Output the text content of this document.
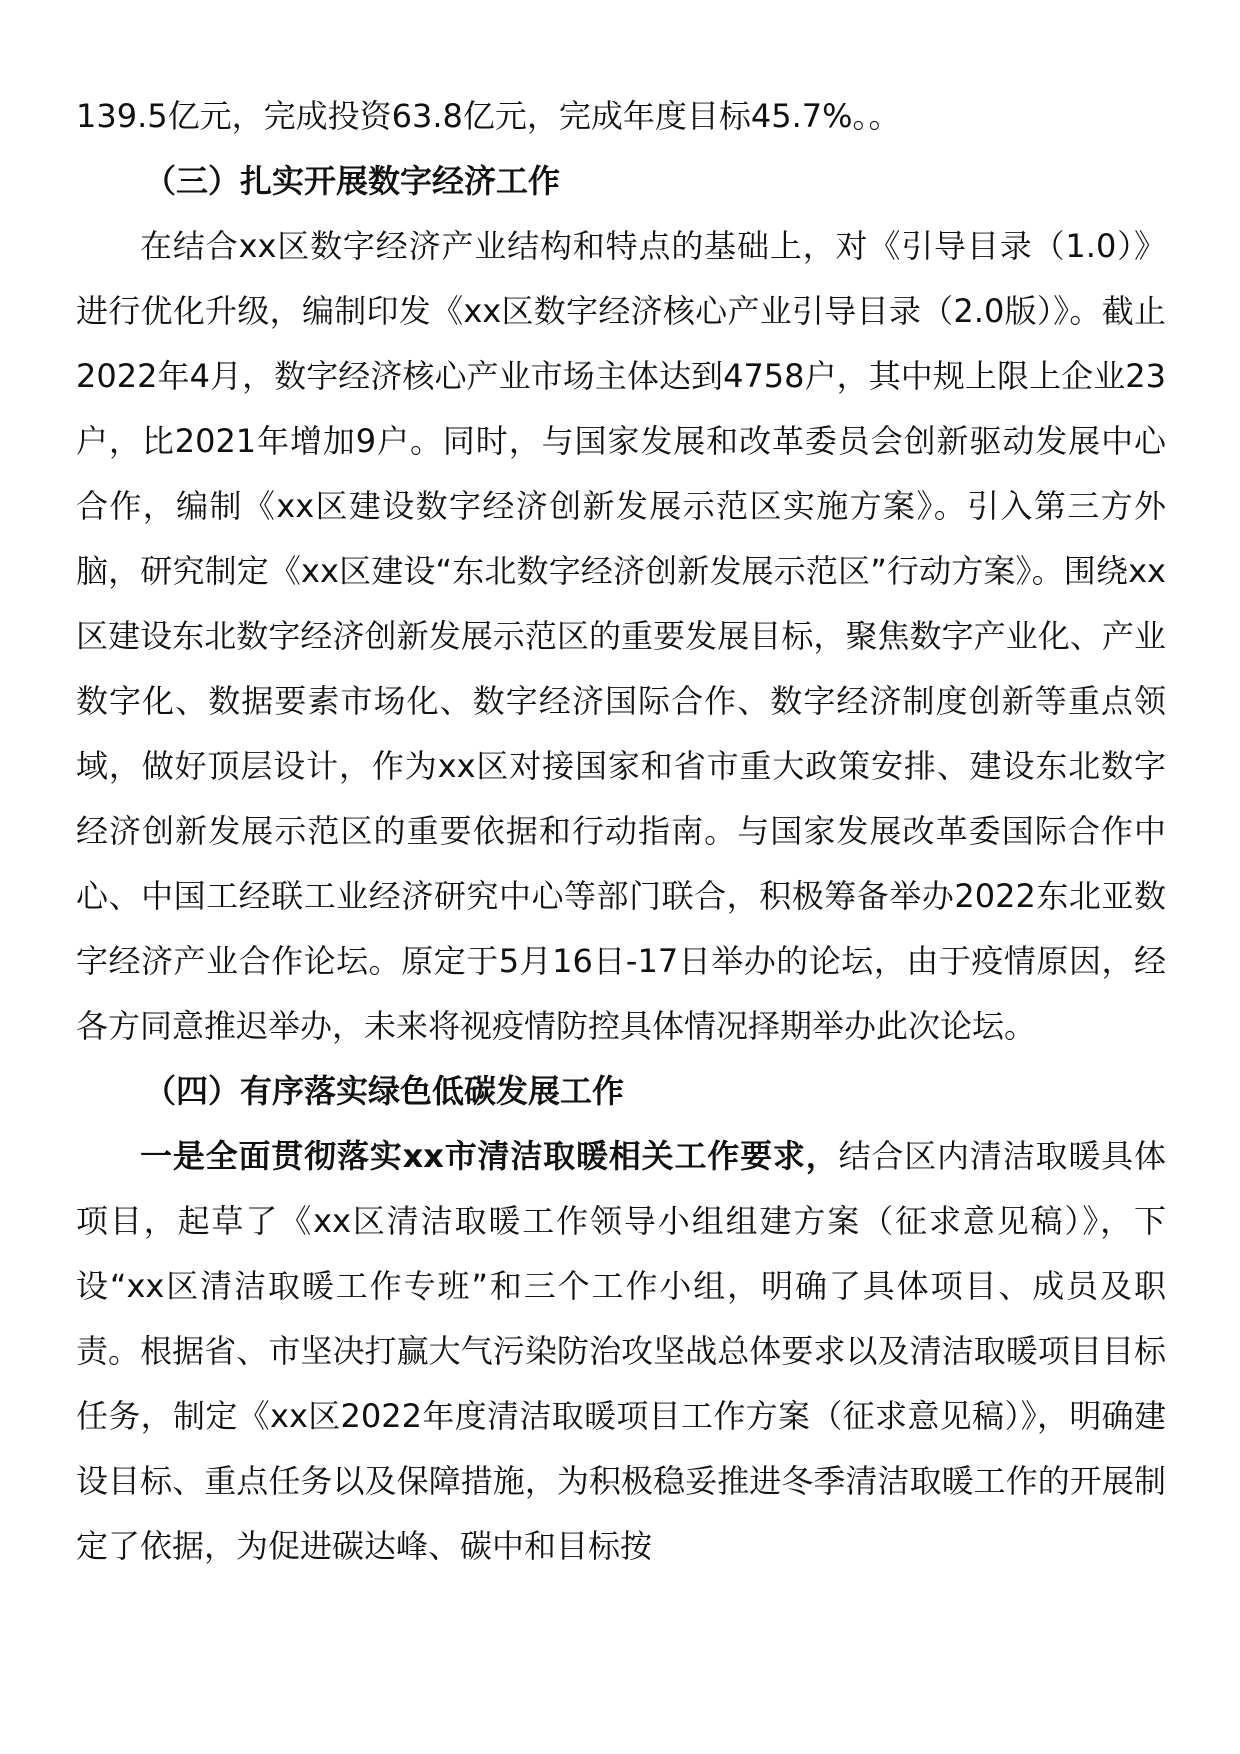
139.5亿元，完成投资63.8亿元，完成年度目标45.7%。。

（三）扎实开展数字经济工作

在结合xx区数字经济产业结构和特点的基础上，对《引导目录（1.0）》进行优化升级，编制印发《xx区数字经济核心产业引导目录（2.0版）》。截止2022年4月，数字经济核心产业市场主体达到4758户，其中规上限上企业23户，比2021年增加9户。同时，与国家发展和改革委员会创新驱动发展中心合作，编制《xx区建设数字经济创新发展示范区实施方案》。引入第三方外脑，研究制定《xx区建设“东北数字经济创新发展示范区”行动方案》。围绕xx区建设东北数字经济创新发展示范区的重要发展目标，聚焦数字产业化、产业数字化、数据要素市场化、数字经济国际合作、数字经济制度创新等重点领域，做好顶层设计，作为xx区对接国家和省市重大政策安排、建设东北数字经济创新发展示范区的重要依据和行动指南。与国家发展改革委国际合作中心、中国工经联工业经济研究中心等部门联合，积极筹备举办2022东北亚数字经济产业合作论坛。原定于5月16日-17日举办的论坛，由于疫情原因，经各方同意推迟举办，未来将视疫情防控具体情况择期举办此次论坛。

（四）有序落实绿色低碳发展工作

一是全面贯彻落实xx市清洁取暖相关工作要求，结合区内清洁取暖具体项目，起草了《xx区清洁取暖工作领导小组组建方案（征求意见稿）》，下设“xx区清洁取暖工作专班”和三个工作小组，明确了具体项目、成员及职责。根据省、市坚决打赢大气污染防治攻坚战总体要求以及清洁取暖项目目标任务，制定《xx区2022年度清洁取暖项目工作方案（征求意见稿）》，明确建设目标、重点任务以及保障措施，为积极稳妥推进冬季清洁取暖工作的开展制定了依据，为促进碳达峰、碳中和目标按
